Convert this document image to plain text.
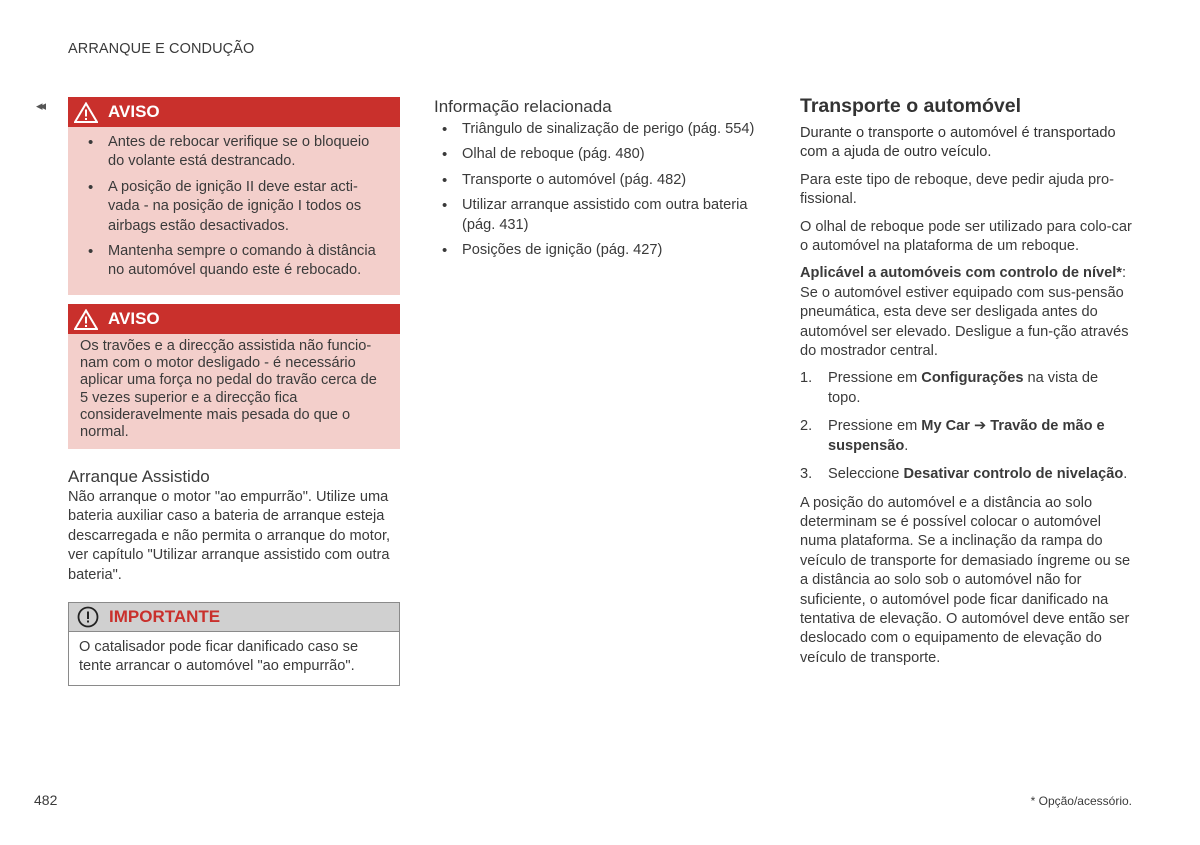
ARRANQUE E CONDUÇÃO
◂◂	AVISO
• Antes de rebocar verifique se o bloqueio do volante está destrancado.
• A posição de ignição II deve estar acti-vada - na posição de ignição I todos os airbags estão desactivados.
• Mantenha sempre o comando à distância no automóvel quando este é rebocado.
AVISO
Os travões e a direcção assistida não funcio-nam com o motor desligado - é necessário aplicar uma força no pedal do travão cerca de 5 vezes superior e a direcção fica consideravelmente mais pesada do que o normal.
Arranque Assistido
Não arranque o motor "ao empurrão". Utilize uma bateria auxiliar caso a bateria de arranque esteja descarregada e não permita o arranque do motor, ver capítulo "Utilizar arranque assistido com outra bateria".
IMPORTANTE
O catalisador pode ficar danificado caso se tente arrancar o automóvel "ao empurrão".
Informação relacionada
• Triângulo de sinalização de perigo (pág. 554)
• Olhal de reboque (pág. 480)
• Transporte o automóvel (pág. 482)
• Utilizar arranque assistido com outra bateria (pág. 431)
• Posições de ignição (pág. 427)
Transporte o automóvel

Durante o transporte o automóvel é transportado com a ajuda de outro veículo.

Para este tipo de reboque, deve pedir ajuda pro-fissional.

O olhal de reboque pode ser utilizado para colo-car o automóvel na plataforma de um reboque.

Aplicável a automóveis com controlo de nível*: Se o automóvel estiver equipado com sus-pensão pneumática, esta deve ser desligada antes do automóvel ser elevado. Desligue a fun-ção através do mostrador central.

1. Pressione em Configurações na vista de topo.
2. Pressione em My Car ➔ Travão de mão e suspensão.
3. Seleccione Desativar controlo de nivelação.

A posição do automóvel e a distância ao solo determinam se é possível colocar o automóvel numa plataforma. Se a inclinação da rampa do veículo de transporte for demasiado íngreme ou se a distância ao solo sob o automóvel não for suficiente, o automóvel pode ficar danificado na tentativa de elevação. O automóvel deve então ser deslocado com o equipamento de elevação do veículo de transporte.

482	* Opção/acessório.
